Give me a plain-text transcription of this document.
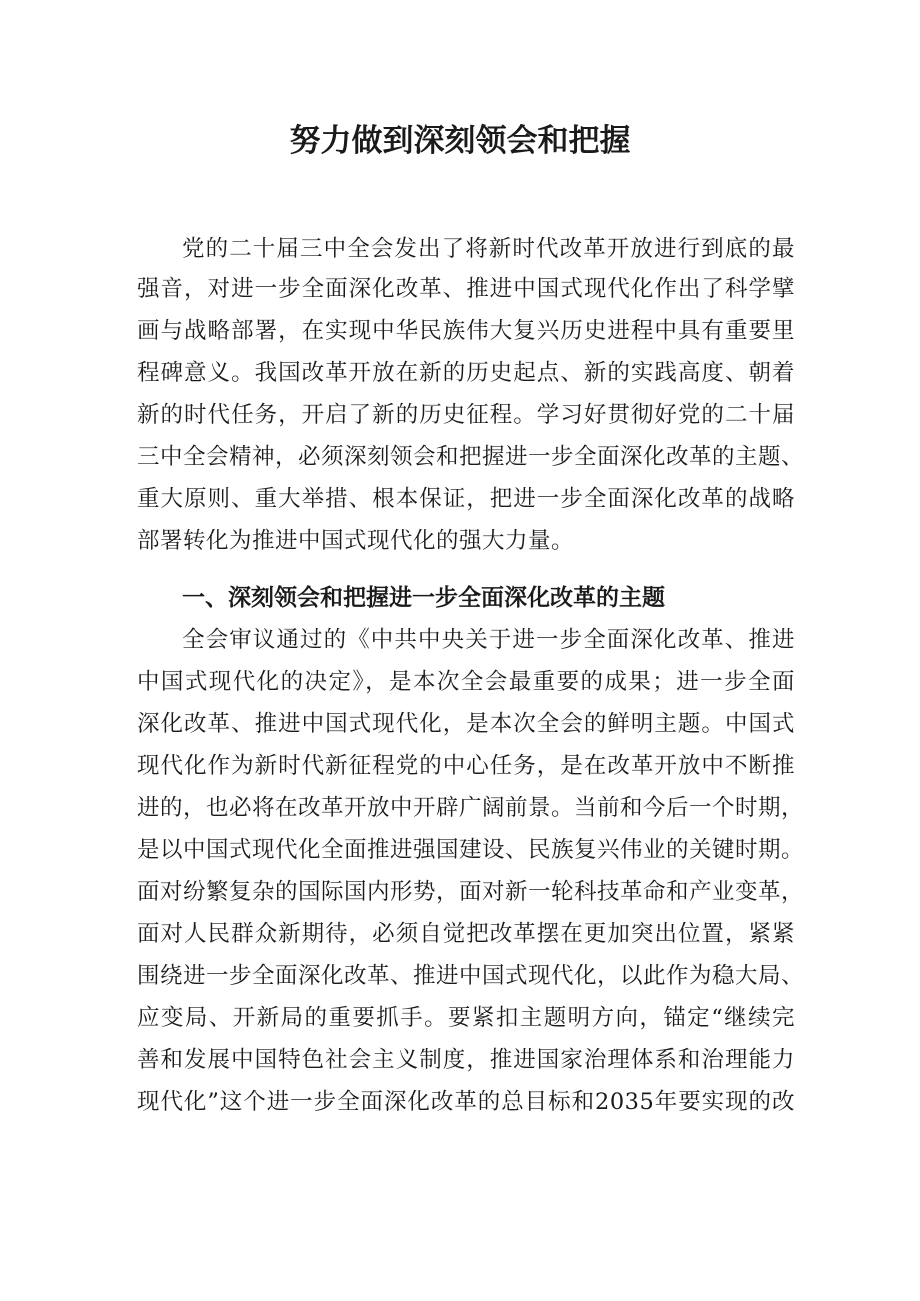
努力做到深刻领会和把握

党的二十届三中全会发出了将新时代改革开放进行到底的最

强音，对进一步全面深化改革、推进中国式现代化作出了科学擘

画与战略部署，在实现中华民族伟大复兴历史进程中具有重要里

程碑意义。我国改革开放在新的历史起点、新的实践高度、朝着

新的时代任务，开启了新的历史征程。学习好贯彻好党的二十届

三中全会精神，必须深刻领会和把握进一步全面深化改革的主题、

重大原则、重大举措、根本保证，把进一步全面深化改革的战略

部署转化为推进中国式现代化的强大力量。

一、深刻领会和把握进一步全面深化改革的主题

全会审议通过的《中共中央关于进一步全面深化改革、推进

中国式现代化的决定》，是本次全会最重要的成果；进一步全面

深化改革、推进中国式现代化，是本次全会的鲜明主题。中国式

现代化作为新时代新征程党的中心任务，是在改革开放中不断推

进的，也必将在改革开放中开辟广阔前景。当前和今后一个时期，

是以中国式现代化全面推进强国建设、民族复兴伟业的关键时期。

面对纷繁复杂的国际国内形势，面对新一轮科技革命和产业变革，

面对人民群众新期待，必须自觉把改革摆在更加突出位置，紧紧

围绕进一步全面深化改革、推进中国式现代化，以此作为稳大局、

应变局、开新局的重要抓手。要紧扣主题明方向，锚定“继续完

善和发展中国特色社会主义制度，推进国家治理体系和治理能力

现代化”这个进一步全面深化改革的总目标和2035年要实现的改
